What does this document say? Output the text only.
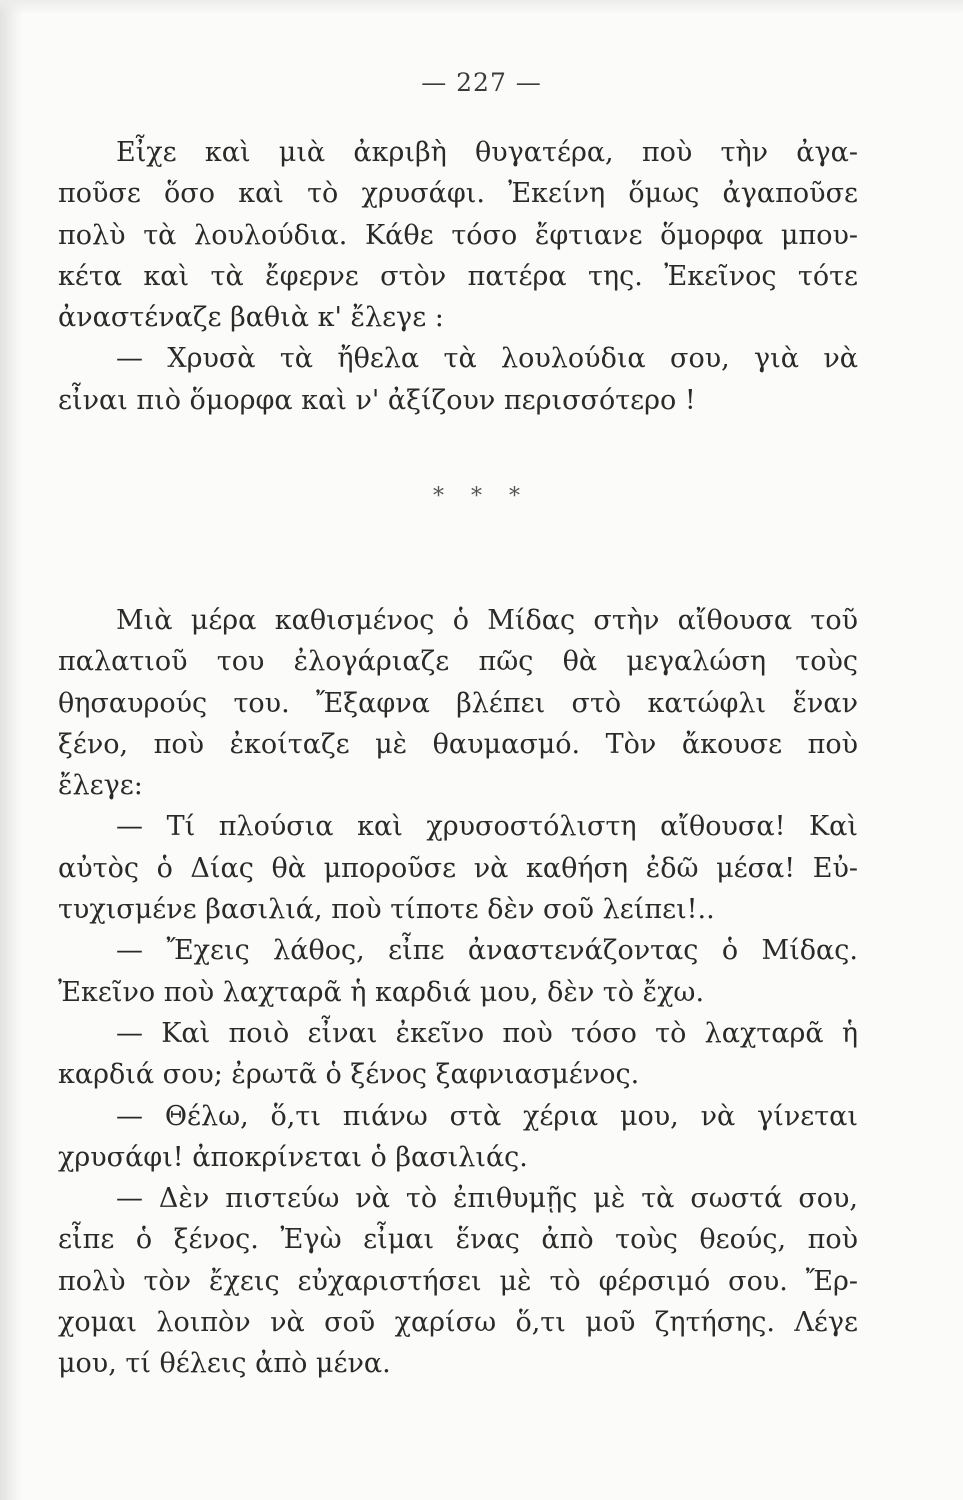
— 227 —

Εἶχε καὶ μιὰ ἀκριβὴ θυγατέρα, ποὺ τὴν ἀγα-
ποῦσε ὅσο καὶ τὸ χρυσάφι. Ἐκείνη ὅμως ἀγαποῦσε
πολὺ τὰ λουλούδια. Κάθε τόσο ἔφτιανε ὅμορφα μπου-
κέτα καὶ τὰ ἔφερνε στὸν πατέρα της. Ἐκεῖνος τότε
ἀναστέναζε βαθιὰ κ' ἔλεγε :

— Χρυσὰ τὰ ἤθελα τὰ λουλούδια σου, γιὰ νὰ
εἶναι πιὸ ὅμορφα καὶ ν' ἀξίζουν περισσότερο !

* * *

Μιὰ μέρα καθισμένος ὁ Μίδας στὴν αἴθουσα τοῦ
παλατιοῦ του ἐλογάριαζε πῶς θὰ μεγαλώση τοὺς
θησαυρούς του. Ἔξαφνα βλέπει στὸ κατώφλι ἕναν
ξένο, ποὺ ἐκοίταζε μὲ θαυμασμό. Τὸν ἄκουσε ποὺ
ἔλεγε:

— Τί πλούσια καὶ χρυσοστόλιστη αἴθουσα! Καὶ
αὐτὸς ὁ Δίας θὰ μποροῦσε νὰ καθήση ἐδῶ μέσα! Εὐ-
τυχισμένε βασιλιά, ποὺ τίποτε δὲν σοῦ λείπει!..

— Ἔχεις λάθος, εἶπε ἀναστενάζοντας ὁ Μίδας.
Ἐκεῖνο ποὺ λαχταρᾶ ἡ καρδιά μου, δὲν τὸ ἔχω.

— Καὶ ποιὸ εἶναι ἐκεῖνο ποὺ τόσο τὸ λαχταρᾶ ἡ
καρδιά σου; ἐρωτᾶ ὁ ξένος ξαφνιασμένος.

— Θέλω, ὅ,τι πιάνω στὰ χέρια μου, νὰ γίνεται
χρυσάφι! ἀποκρίνεται ὁ βασιλιάς.

— Δὲν πιστεύω νὰ τὸ ἐπιθυμῇς μὲ τὰ σωστά σου,
εἶπε ὁ ξένος. Ἐγὼ εἶμαι ἕνας ἀπὸ τοὺς θεούς, ποὺ
πολὺ τὸν ἔχεις εὐχαριστήσει μὲ τὸ φέρσιμό σου. Ἔρ-
χομαι λοιπὸν νὰ σοῦ χαρίσω ὅ,τι μοῦ ζητήσης. Λέγε
μου, τί θέλεις ἀπὸ μένα.
